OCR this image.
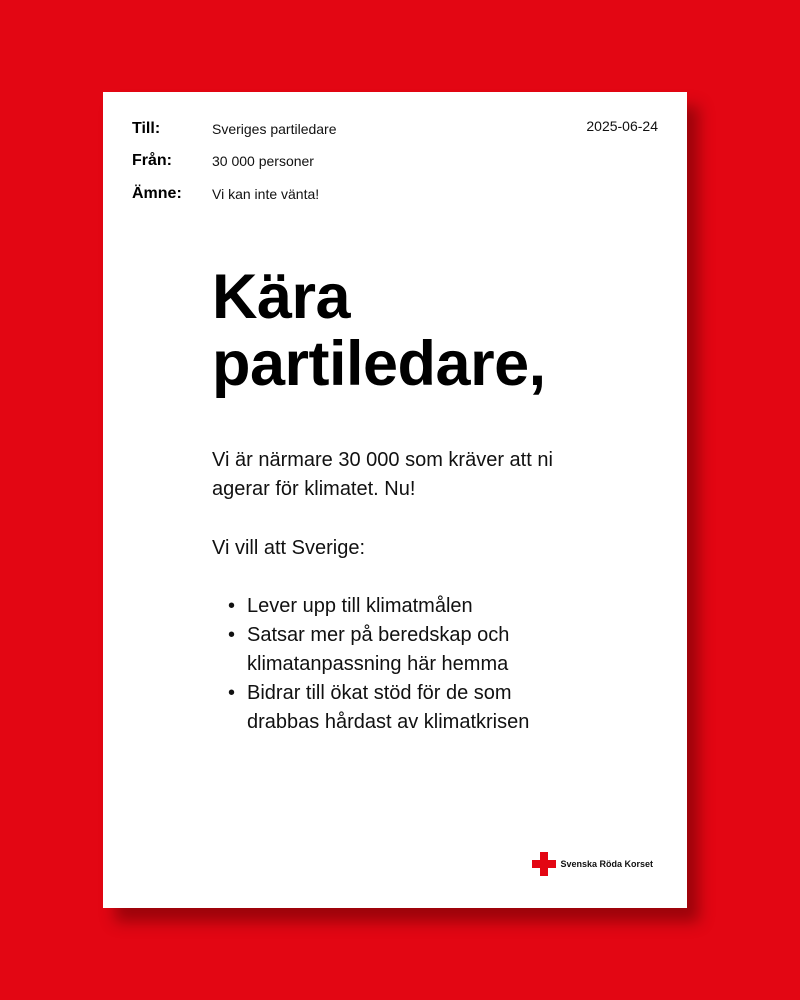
Till:	Sveriges partiledare
Från:	30 000 personer
Ämne:	Vi kan inte vänta!
2025-06-24
Kära
partiledare,

Vi är närmare 30 000 som kräver att ni
agerar för klimatet. Nu!

Vi vill att Sverige:

• Lever upp till klimatmålen
• Satsar mer på beredskap och
klimatanpassning här hemma
• Bidrar till ökat stöd för de som
drabbas hårdast av klimatkrisen
Svenska Röda Korset
